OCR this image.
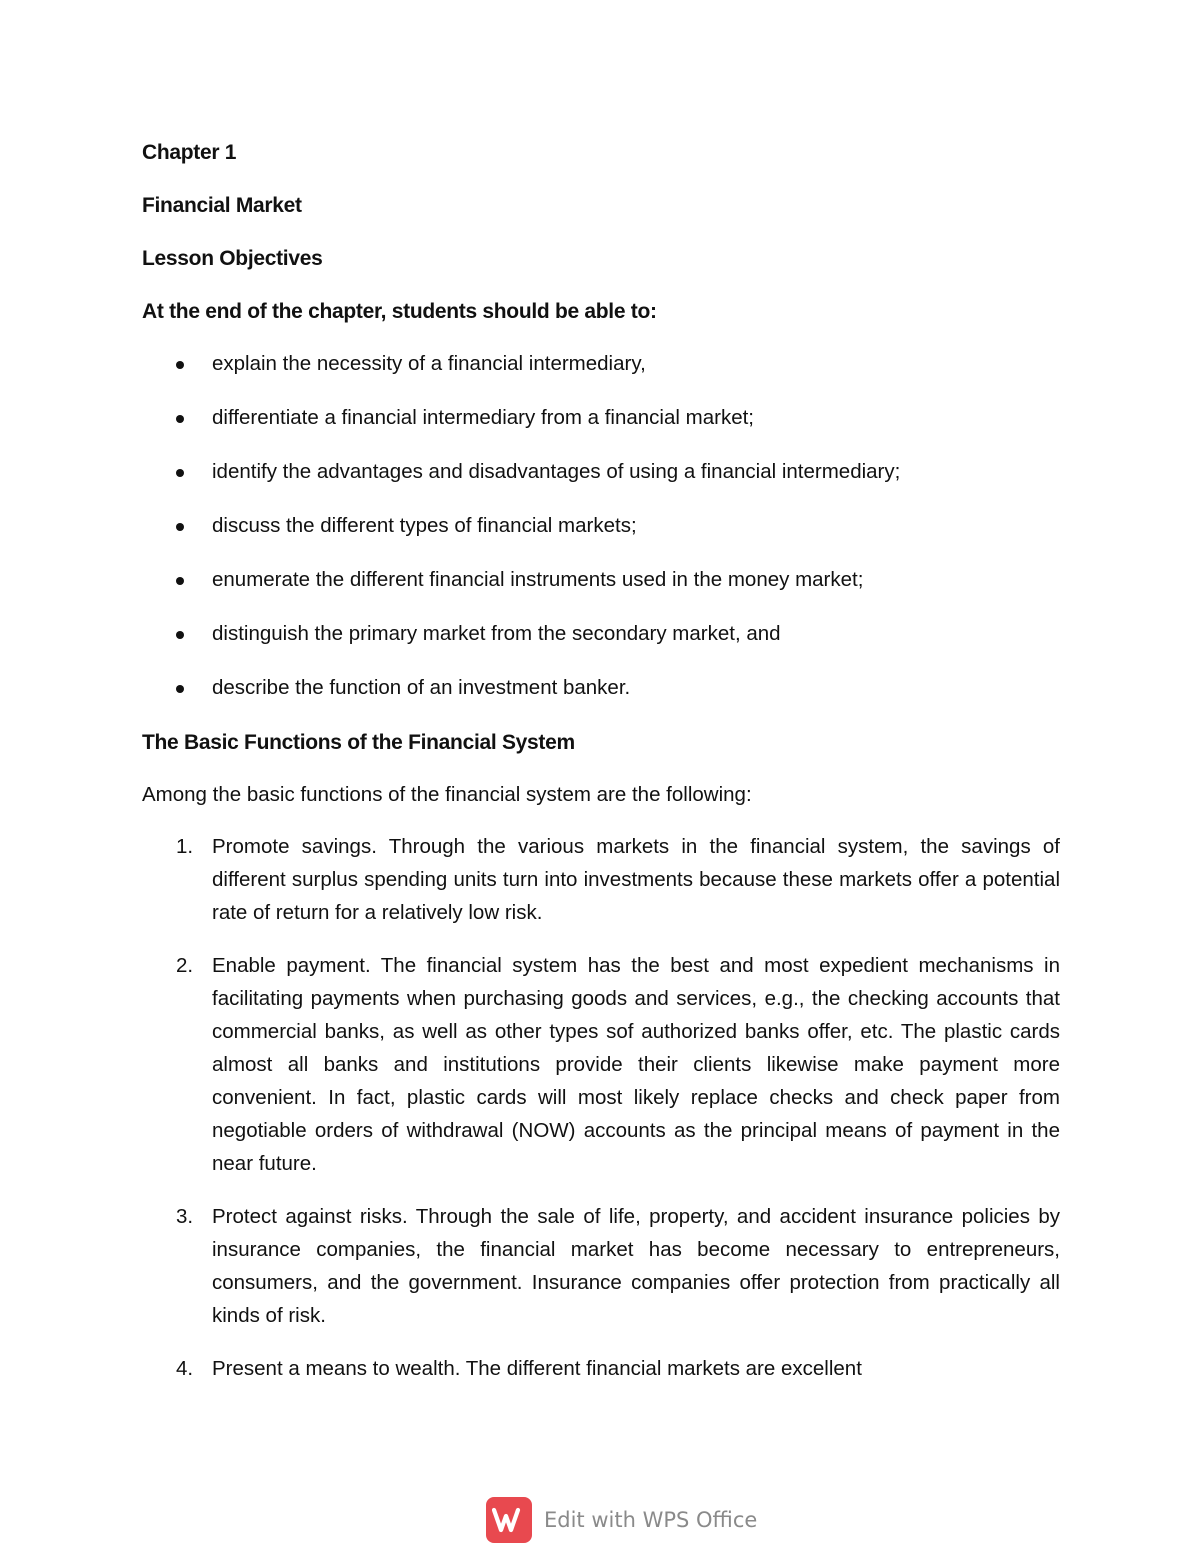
Chapter 1
Financial Market
Lesson Objectives
At the end of the chapter, students should be able to:
explain the necessity of a financial intermediary,
differentiate a financial intermediary from a financial market;
identify the advantages and disadvantages of using a financial intermediary;
discuss the different types of financial markets;
enumerate the different financial instruments used in the money market;
distinguish the primary market from the secondary market, and
describe the function of an investment banker.
The Basic Functions of the Financial System

Among the basic functions of the financial system are the following:

1. Promote savings. Through the various markets in the financial system, the savings of different surplus spending units turn into investments because these markets offer a potential rate of return for a relatively low risk.
2. Enable payment. The financial system has the best and most expedient mechanisms in facilitating payments when purchasing goods and services, e.g., the checking accounts that commercial banks, as well as other types sof authorized banks offer, etc. The plastic cards almost all banks and institutions provide their clients likewise make payment more convenient. In fact, plastic cards will most likely replace checks and check paper from negotiable orders of withdrawal (NOW) accounts as the principal means of payment in the near future.
3. Protect against risks. Through the sale of life, property, and accident insurance policies by insurance companies, the financial market has become necessary to entrepreneurs, consumers, and the government. Insurance companies offer protection from practically all kinds of risk.
4. Present a means to wealth. The different financial markets are excellent
Edit with WPS Office
